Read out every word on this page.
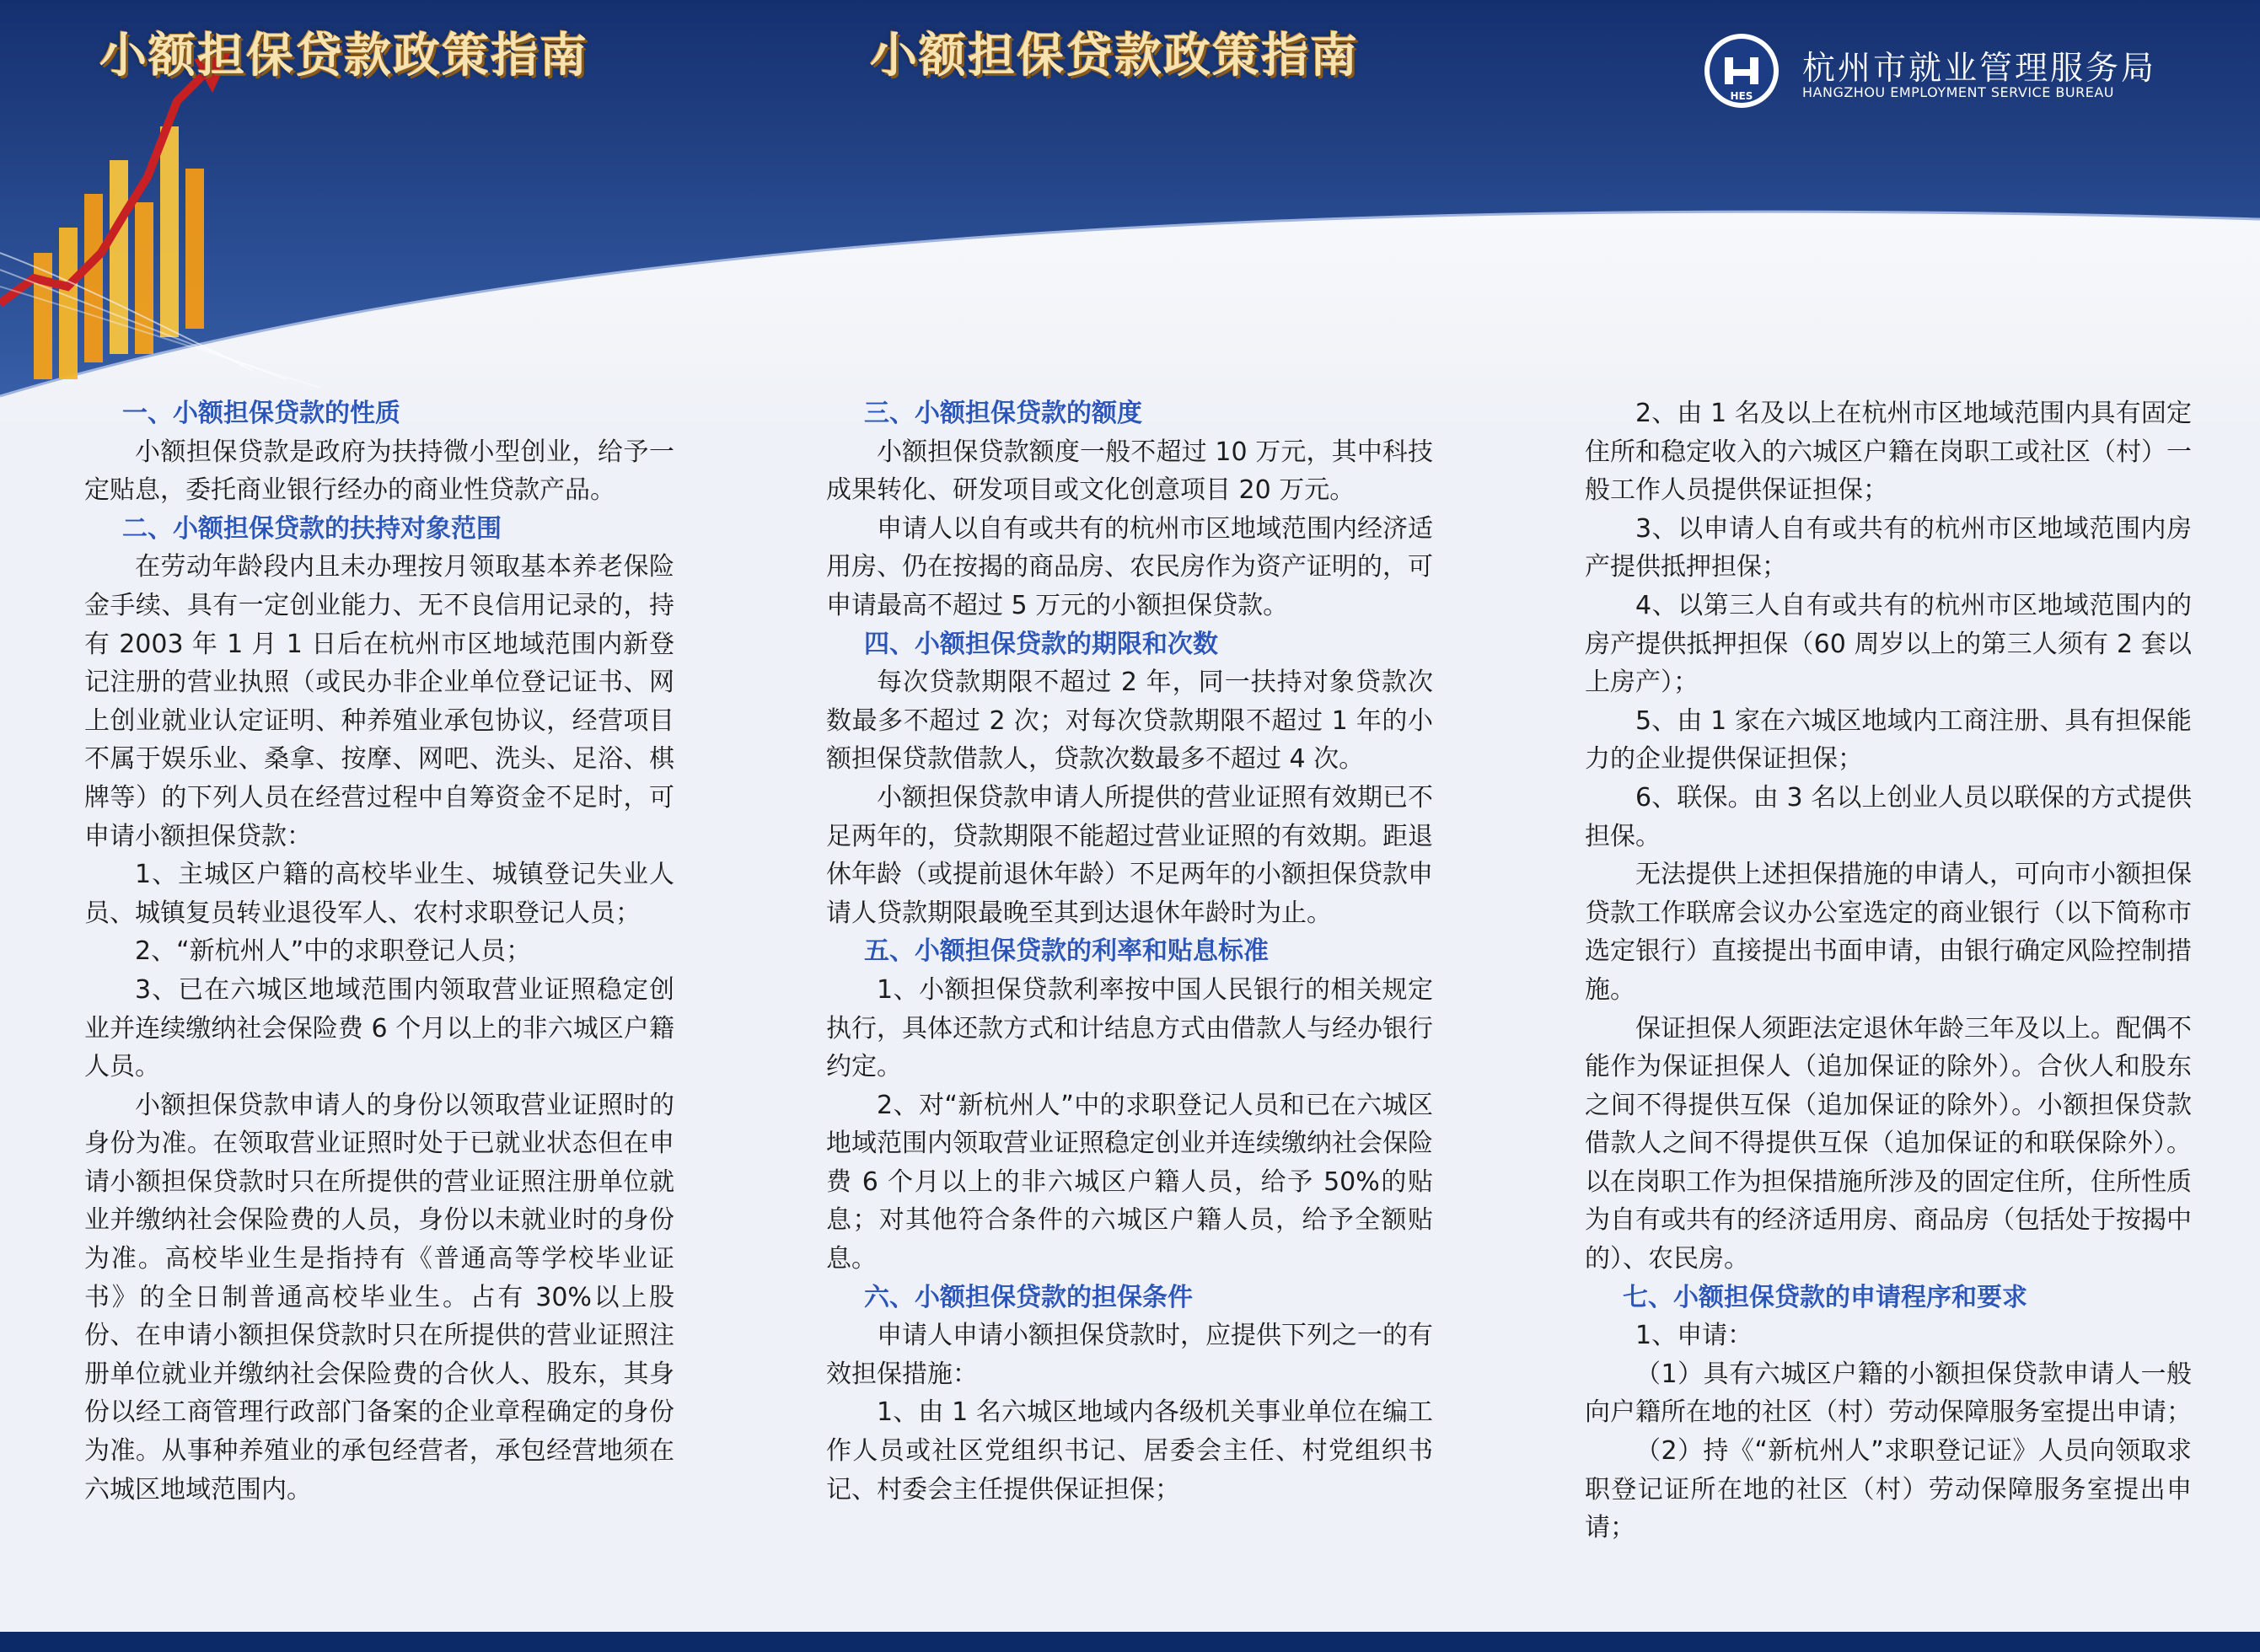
小额担保贷款政策指南	小额担保贷款政策指南
HES
杭州市就业管理服务局
HANGZHOU EMPLOYMENT SERVICE BUREAU

一、小额担保贷款的性质

小额担保贷款是政府为扶持微小型创业，给予一定贴息，委托商业银行经办的商业性贷款产品。

二、小额担保贷款的扶持对象范围

在劳动年龄段内且未办理按月领取基本养老保险金手续、具有一定创业能力、无不良信用记录的，持有 2003 年 1 月 1 日后在杭州市区地域范围内新登记注册的营业执照（或民办非企业单位登记证书、网上创业就业认定证明、种养殖业承包协议，经营项目不属于娱乐业、桑拿、按摩、网吧、洗头、足浴、棋牌等）的下列人员在经营过程中自筹资金不足时，可申请小额担保贷款：

1、主城区户籍的高校毕业生、城镇登记失业人员、城镇复员转业退役军人、农村求职登记人员；

2、“新杭州人”中的求职登记人员；

3、已在六城区地域范围内领取营业证照稳定创业并连续缴纳社会保险费 6 个月以上的非六城区户籍人员。

小额担保贷款申请人的身份以领取营业证照时的身份为准。在领取营业证照时处于已就业状态但在申请小额担保贷款时只在所提供的营业证照注册单位就业并缴纳社会保险费的人员，身份以未就业时的身份为准。高校毕业生是指持有《普通高等学校毕业证书》的全日制普通高校毕业生。占有 30%以上股份、在申请小额担保贷款时只在所提供的营业证照注册单位就业并缴纳社会保险费的合伙人、股东，其身份以经工商管理行政部门备案的企业章程确定的身份为准。从事种养殖业的承包经营者，承包经营地须在六城区地域范围内。

三、小额担保贷款的额度

小额担保贷款额度一般不超过 10 万元，其中科技成果转化、研发项目或文化创意项目 20 万元。

申请人以自有或共有的杭州市区地域范围内经济适用房、仍在按揭的商品房、农民房作为资产证明的，可申请最高不超过 5 万元的小额担保贷款。

四、小额担保贷款的期限和次数

每次贷款期限不超过 2 年，同一扶持对象贷款次数最多不超过 2 次；对每次贷款期限不超过 1 年的小额担保贷款借款人，贷款次数最多不超过 4 次。

小额担保贷款申请人所提供的营业证照有效期已不足两年的，贷款期限不能超过营业证照的有效期。距退休年龄（或提前退休年龄）不足两年的小额担保贷款申请人贷款期限最晚至其到达退休年龄时为止。

五、小额担保贷款的利率和贴息标准

1、小额担保贷款利率按中国人民银行的相关规定执行，具体还款方式和计结息方式由借款人与经办银行约定。

2、对“新杭州人”中的求职登记人员和已在六城区地域范围内领取营业证照稳定创业并连续缴纳社会保险费 6 个月以上的非六城区户籍人员，给予 50%的贴息；对其他符合条件的六城区户籍人员，给予全额贴息。

六、小额担保贷款的担保条件

申请人申请小额担保贷款时，应提供下列之一的有效担保措施：

1、由 1 名六城区地域内各级机关事业单位在编工作人员或社区党组织书记、居委会主任、村党组织书记、村委会主任提供保证担保；

2、由 1 名及以上在杭州市区地域范围内具有固定住所和稳定收入的六城区户籍在岗职工或社区（村）一般工作人员提供保证担保；

3、以申请人自有或共有的杭州市区地域范围内房产提供抵押担保；

4、以第三人自有或共有的杭州市区地域范围内的房产提供抵押担保（60 周岁以上的第三人须有 2 套以上房产）；

5、由 1 家在六城区地域内工商注册、具有担保能力的企业提供保证担保；

6、联保。由 3 名以上创业人员以联保的方式提供担保。

无法提供上述担保措施的申请人，可向市小额担保贷款工作联席会议办公室选定的商业银行（以下简称市选定银行）直接提出书面申请，由银行确定风险控制措施。

保证担保人须距法定退休年龄三年及以上。配偶不能作为保证担保人（追加保证的除外）。合伙人和股东之间不得提供互保（追加保证的除外）。小额担保贷款借款人之间不得提供互保（追加保证的和联保除外）。以在岗职工作为担保措施所涉及的固定住所，住所性质为自有或共有的经济适用房、商品房（包括处于按揭中的）、农民房。

七、小额担保贷款的申请程序和要求

1、申请：

（1）具有六城区户籍的小额担保贷款申请人一般向户籍所在地的社区（村）劳动保障服务室提出申请；

（2）持《“新杭州人”求职登记证》人员向领取求职登记证所在地的社区（村）劳动保障服务室提出申请；
